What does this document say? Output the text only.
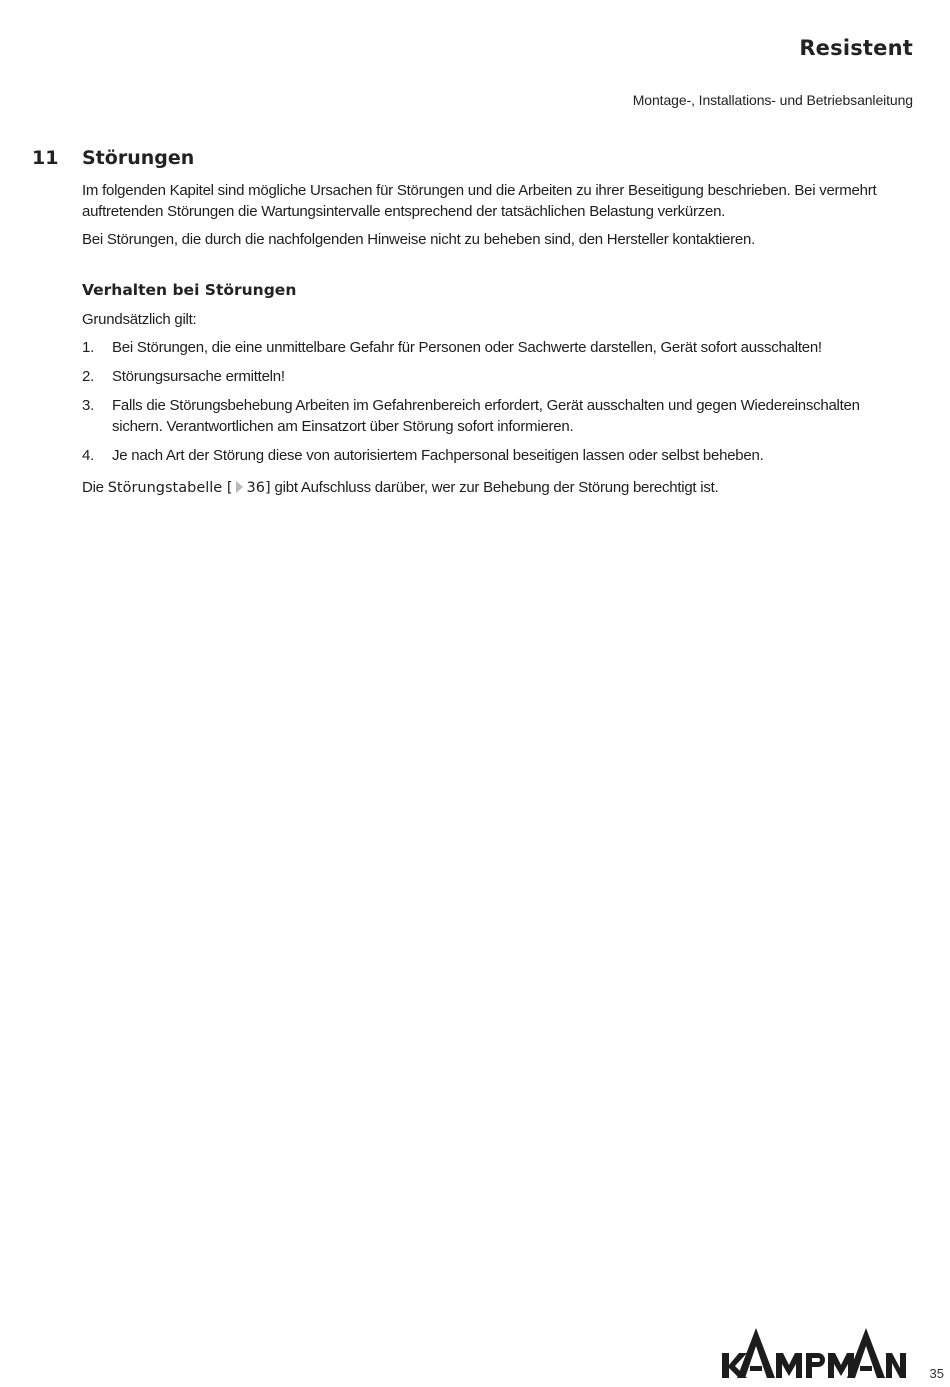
Resistent
Montage-, Installations- und Betriebsanleitung
11 Störungen

Im folgenden Kapitel sind mögliche Ursachen für Störungen und die Arbeiten zu ihrer Beseitigung beschrieben. Bei vermehrt auftretenden Störungen die Wartungsintervalle entsprechend der tatsächlichen Belastung verkürzen.

Bei Störungen, die durch die nachfolgenden Hinweise nicht zu beheben sind, den Hersteller kontaktieren.

Verhalten bei Störungen

Grundsätzlich gilt:

1.	Bei Störungen, die eine unmittelbare Gefahr für Personen oder Sachwerte darstellen, Gerät sofort ausschalten!
2.	Störungsursache ermitteln!
3.	Falls die Störungsbehebung Arbeiten im Gefahrenbereich erfordert, Gerät ausschalten und gegen Wiedereinschalten sichern. Verantwortlichen am Einsatzort über Störung sofort informieren.
4.	Je nach Art der Störung diese von autorisiertem Fachpersonal beseitigen lassen oder selbst beheben.

Die Störungstabelle [ 36] gibt Aufschluss darüber, wer zur Behebung der Störung berechtigt ist.

35
